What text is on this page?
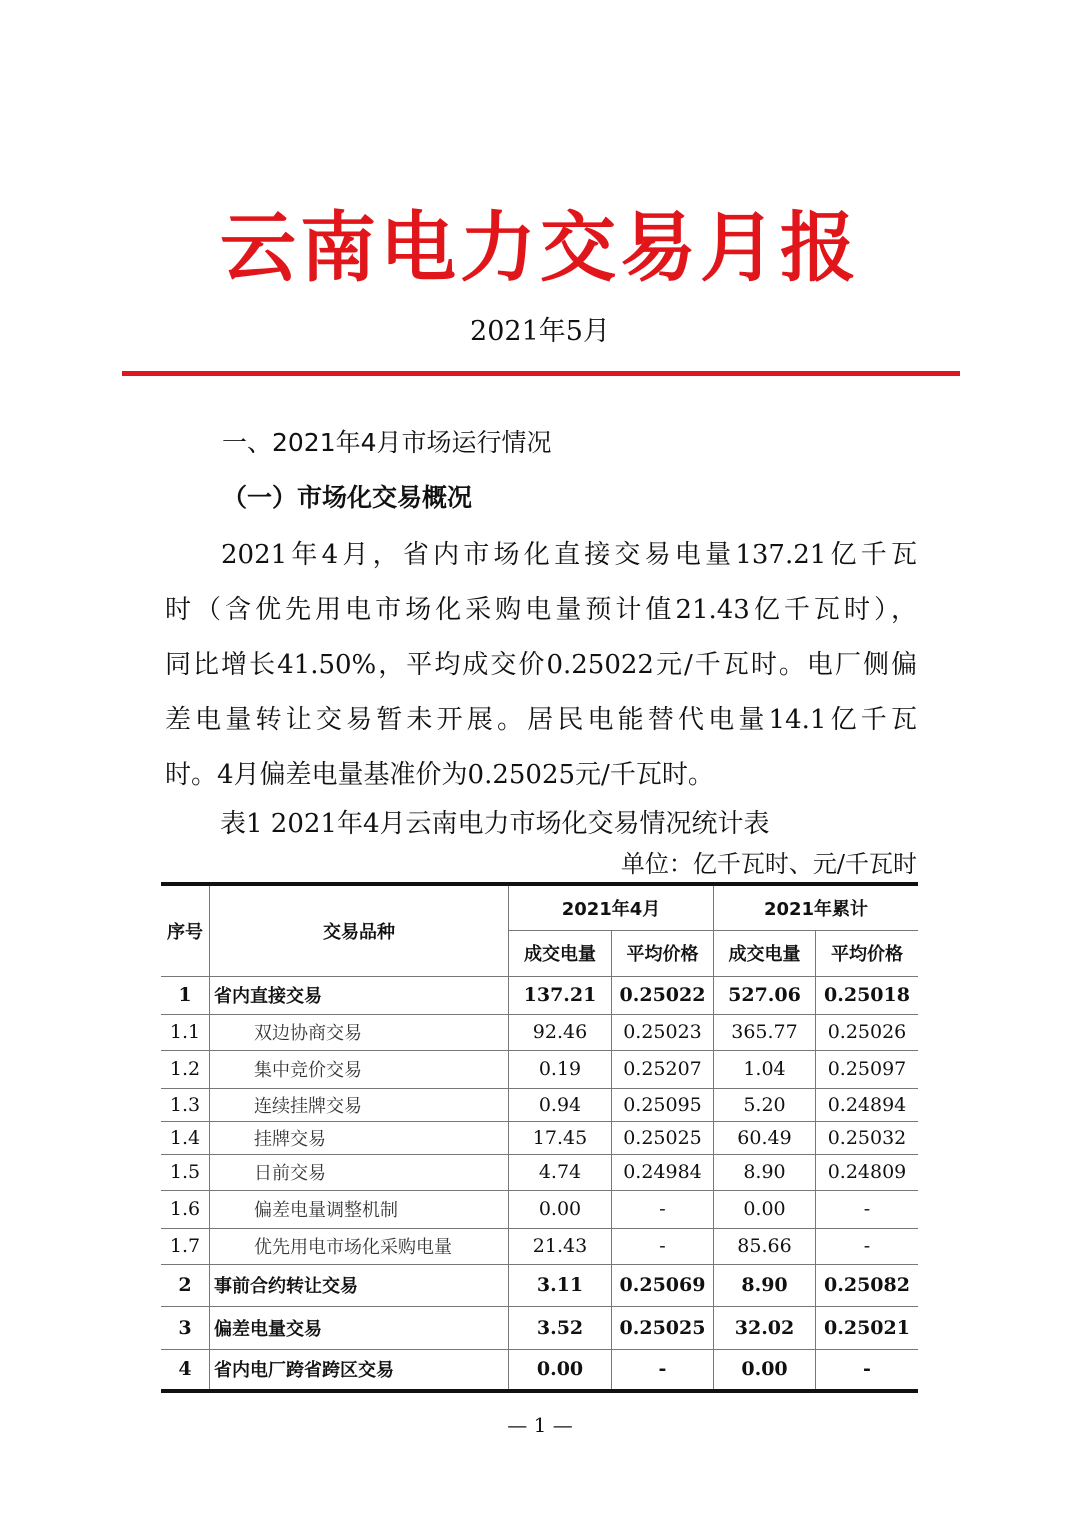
云南电力交易月报
2021年5月
一、2021年4月市场运行情况
（一）市场化交易概况
2021年4月，省内市场化直接交易电量137.21亿千瓦
时（含优先用电市场化采购电量预计值21.43亿千瓦时），
同比增长41.50%，平均成交价0.25022元/千瓦时。电厂侧偏
差电量转让交易暂未开展。居民电能替代电量14.1亿千瓦
时。4月偏差电量基准价为0.25025元/千瓦时。
表1 2021年4月云南电力市场化交易情况统计表
单位：亿千瓦时、元/千瓦时
序号	交易品种	2021年4月		2021年累计	
		成交电量	平均价格	成交电量	平均价格
1	省内直接交易	137.21	0.25022	527.06	0.25018
1.1	双边协商交易	92.46	0.25023	365.77	0.25026
1.2	集中竞价交易	0.19	0.25207	1.04	0.25097
1.3	连续挂牌交易	0.94	0.25095	5.20	0.24894
1.4	挂牌交易	17.45	0.25025	60.49	0.25032
1.5	日前交易	4.74	0.24984	8.90	0.24809
1.6	偏差电量调整机制	0.00	-	0.00	-
1.7	优先用电市场化采购电量	21.43	-	85.66	-
2	事前合约转让交易	3.11	0.25069	8.90	0.25082
3	偏差电量交易	3.52	0.25025	32.02	0.25021
4	省内电厂跨省跨区交易	0.00	-	0.00	-
— 1 —
